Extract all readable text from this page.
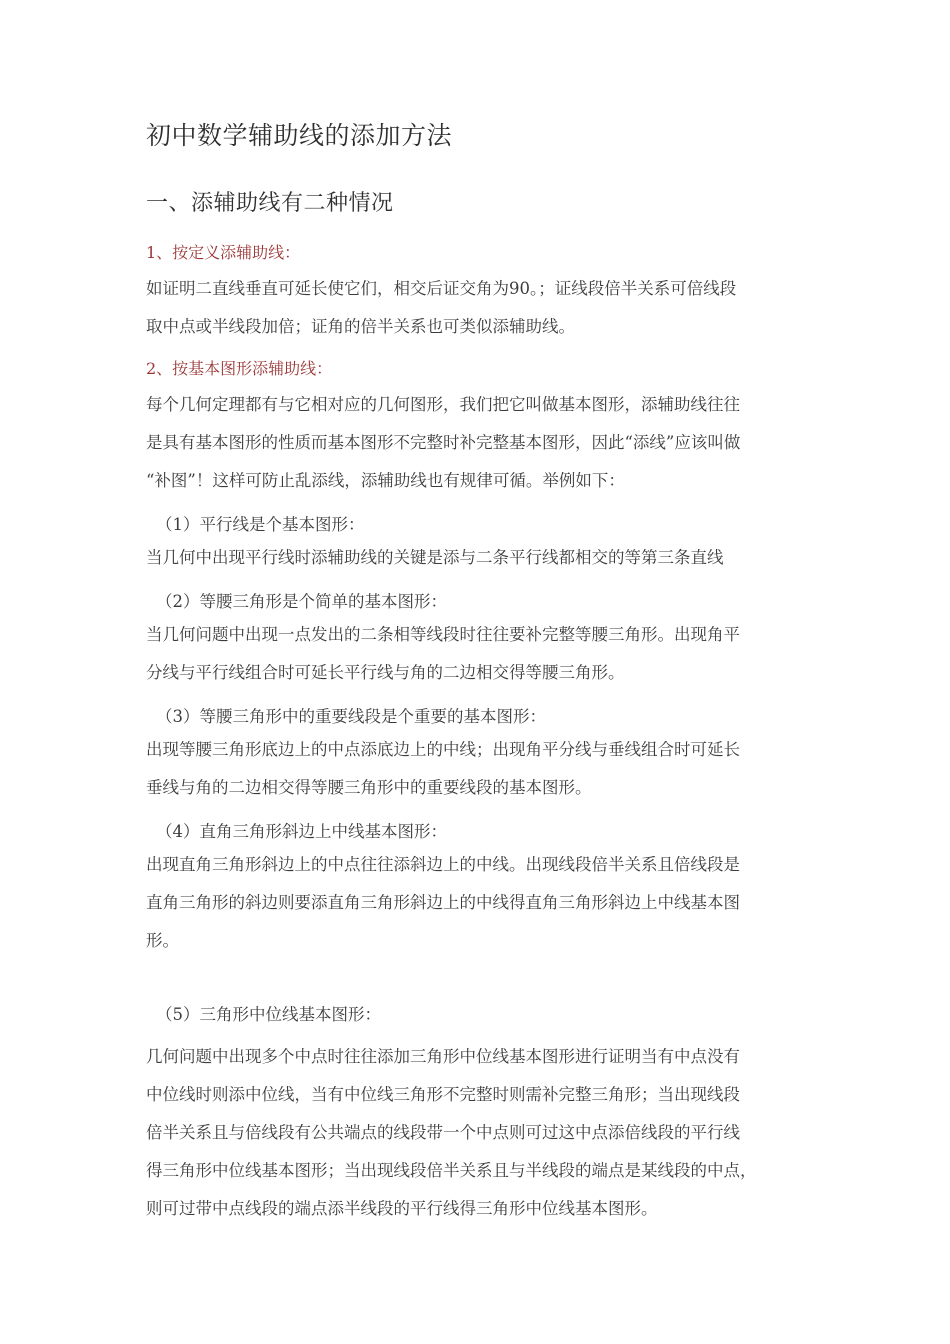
初中数学辅助线的添加方法
一、添辅助线有二种情况
1、按定义添辅助线：
如证明二直线垂直可延长使它们，相交后证交角为90。；证线段倍半关系可倍线段
取中点或半线段加倍；证角的倍半关系也可类似添辅助线。
2、按基本图形添辅助线：
每个几何定理都有与它相对应的几何图形，我们把它叫做基本图形，添辅助线往往
是具有基本图形的性质而基本图形不完整时补完整基本图形，因此“添线”应该叫做
“补图”！这样可防止乱添线，添辅助线也有规律可循。举例如下：
（1）平行线是个基本图形：
当几何中出现平行线时添辅助线的关键是添与二条平行线都相交的等第三条直线
（2）等腰三角形是个简单的基本图形：
当几何问题中出现一点发出的二条相等线段时往往要补完整等腰三角形。出现角平
分线与平行线组合时可延长平行线与角的二边相交得等腰三角形。
（3）等腰三角形中的重要线段是个重要的基本图形：
出现等腰三角形底边上的中点添底边上的中线；出现角平分线与垂线组合时可延长
垂线与角的二边相交得等腰三角形中的重要线段的基本图形。
（4）直角三角形斜边上中线基本图形：
出现直角三角形斜边上的中点往往添斜边上的中线。出现线段倍半关系且倍线段是
直角三角形的斜边则要添直角三角形斜边上的中线得直角三角形斜边上中线基本图
形。
（5）三角形中位线基本图形：
几何问题中出现多个中点时往往添加三角形中位线基本图形进行证明当有中点没有
中位线时则添中位线，当有中位线三角形不完整时则需补完整三角形；当出现线段
倍半关系且与倍线段有公共端点的线段带一个中点则可过这中点添倍线段的平行线
得三角形中位线基本图形；当出现线段倍半关系且与半线段的端点是某线段的中点，
则可过带中点线段的端点添半线段的平行线得三角形中位线基本图形。
